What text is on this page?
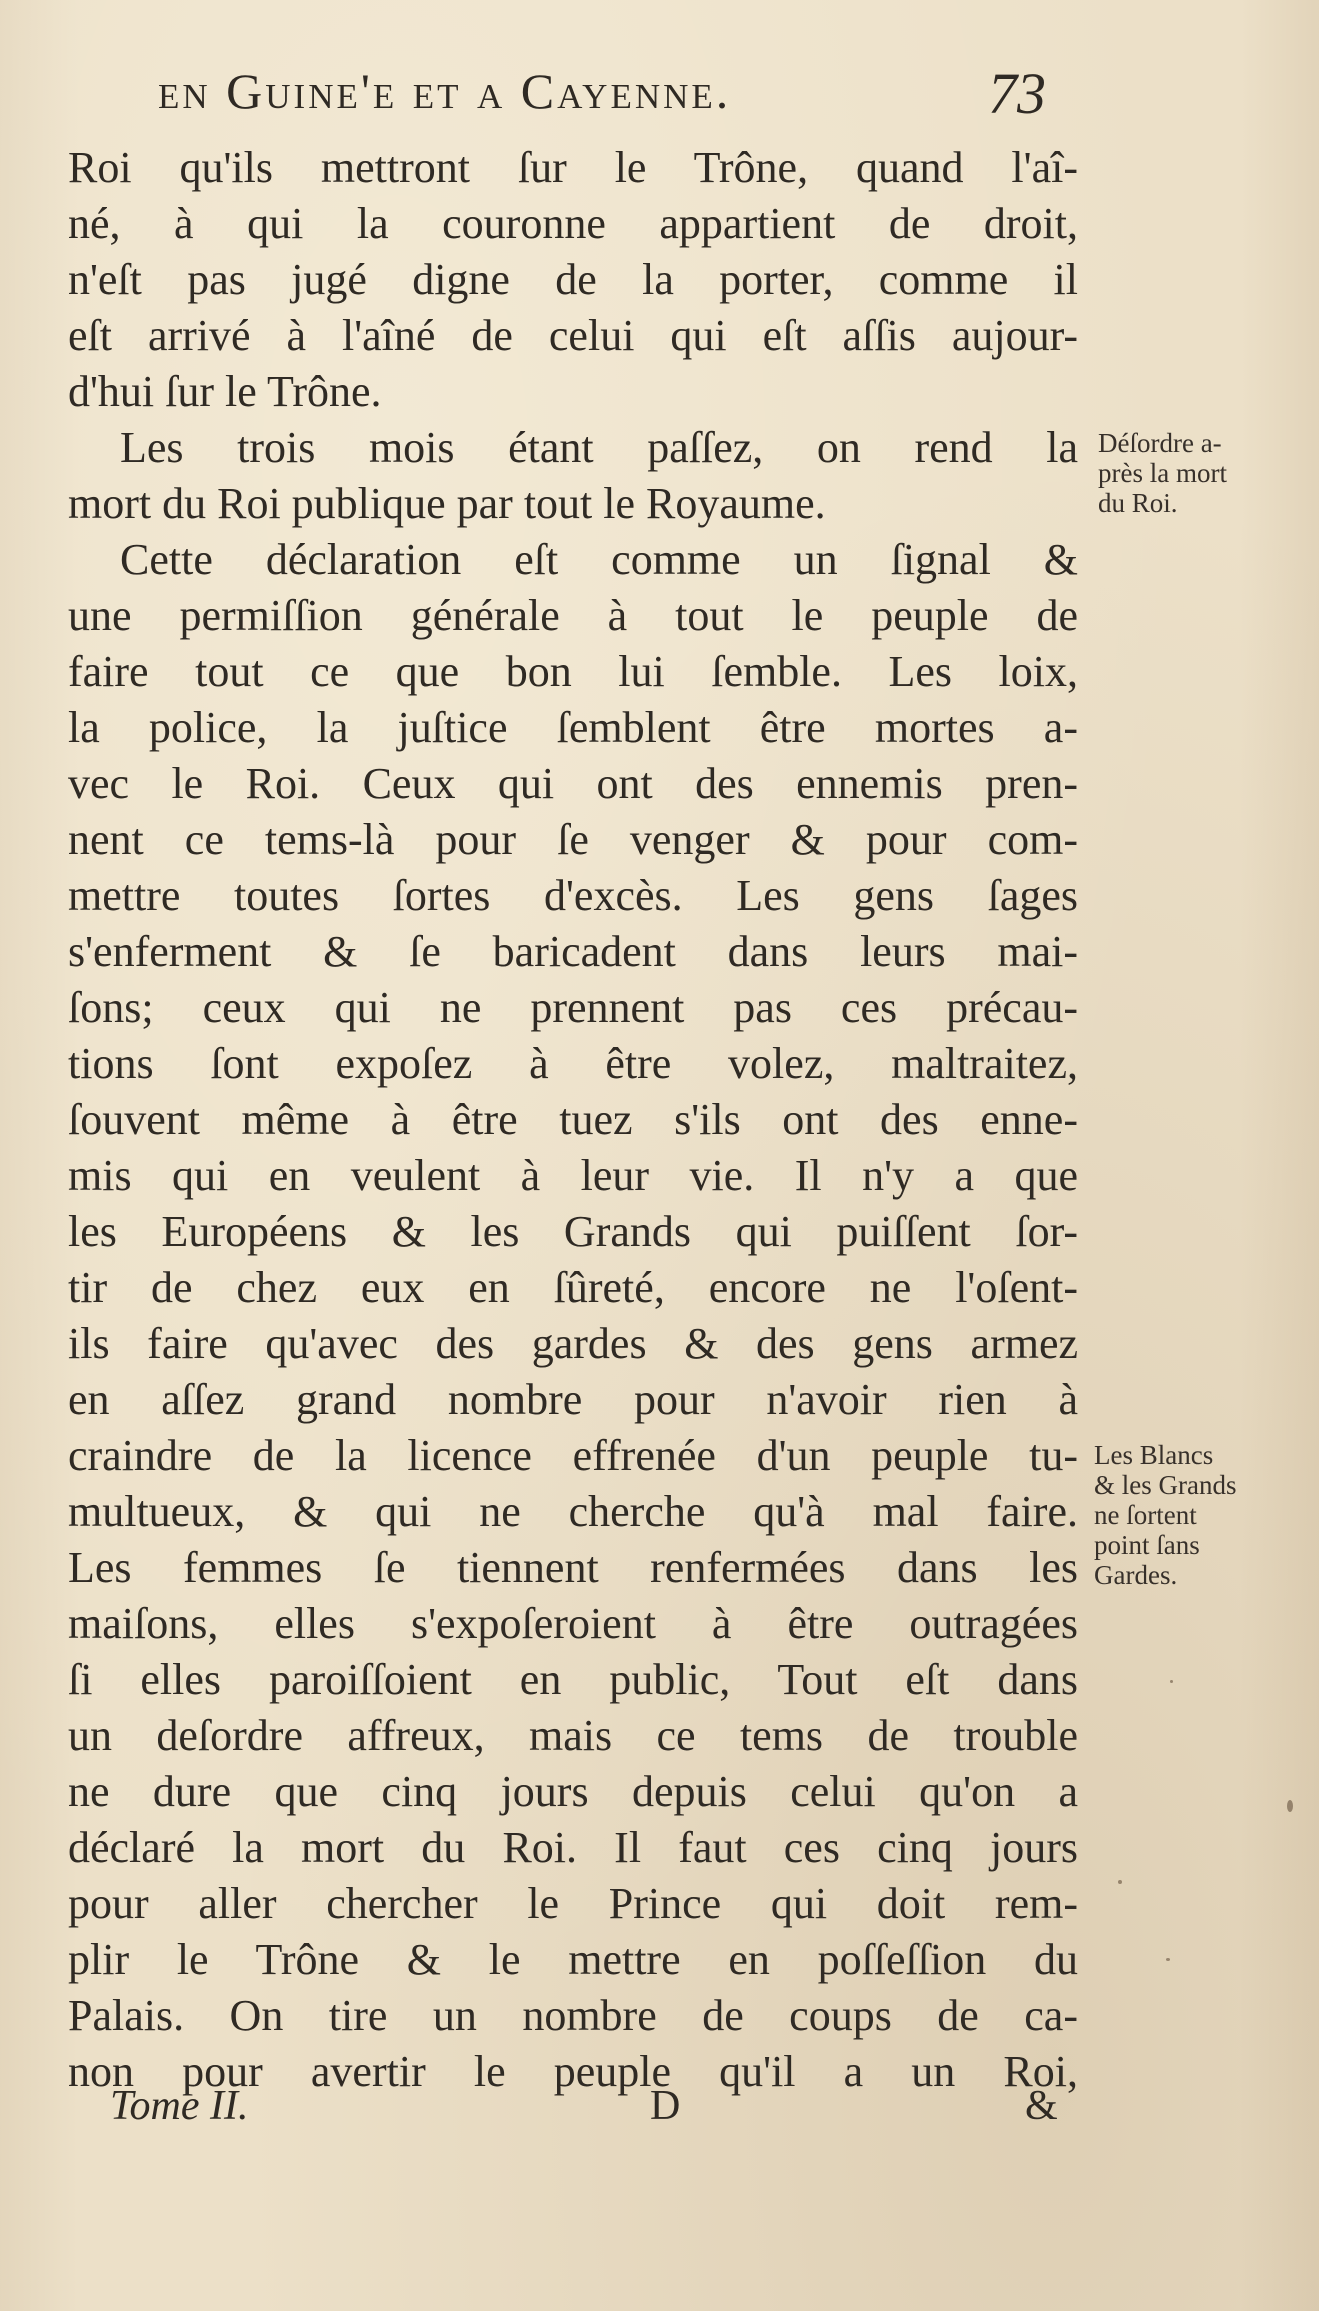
en Guine'e et a Cayenne.	73
Roi qu'ils mettront ſur le Trône, quand l'aî-
né, à qui la couronne appartient de droit,
n'eſt pas jugé digne de la porter, comme il
eſt arrivé à l'aîné de celui qui eſt aſſis aujour-
d'hui ſur le Trône.
Les trois mois étant paſſez, on rend la
mort du Roi publique par tout le Royaume.
Cette déclaration eſt comme un ſignal &
une permiſſion générale à tout le peuple de
faire tout ce que bon lui ſemble. Les loix,
la police, la juſtice ſemblent être mortes a-
vec le Roi. Ceux qui ont des ennemis pren-
nent ce tems-là pour ſe venger & pour com-
mettre toutes ſortes d'excès. Les gens ſages
s'enferment & ſe baricadent dans leurs mai-
ſons; ceux qui ne prennent pas ces précau-
tions ſont expoſez à être volez, maltraitez,
ſouvent même à être tuez s'ils ont des enne-
mis qui en veulent à leur vie. Il n'y a que
les Européens & les Grands qui puiſſent ſor-
tir de chez eux en ſûreté, encore ne l'oſent-
ils faire qu'avec des gardes & des gens armez
en aſſez grand nombre pour n'avoir rien à
craindre de la licence effrenée d'un peuple tu-
multueux, & qui ne cherche qu'à mal faire.
Les femmes ſe tiennent renfermées dans les
maiſons, elles s'expoſeroient à être outragées
ſi elles paroiſſoient en public, Tout eſt dans
un deſordre affreux, mais ce tems de trouble
ne dure que cinq jours depuis celui qu'on a
déclaré la mort du Roi. Il faut ces cinq jours
pour aller chercher le Prince qui doit rem-
plir le Trône & le mettre en poſſeſſion du
Palais. On tire un nombre de coups de ca-
non pour avertir le peuple qu'il a un Roi,
Déſordre a-
près la mort
du Roi.
Les Blancs
& les Grands
ne ſortent
point ſans
Gardes.
Tome II.	D	&
